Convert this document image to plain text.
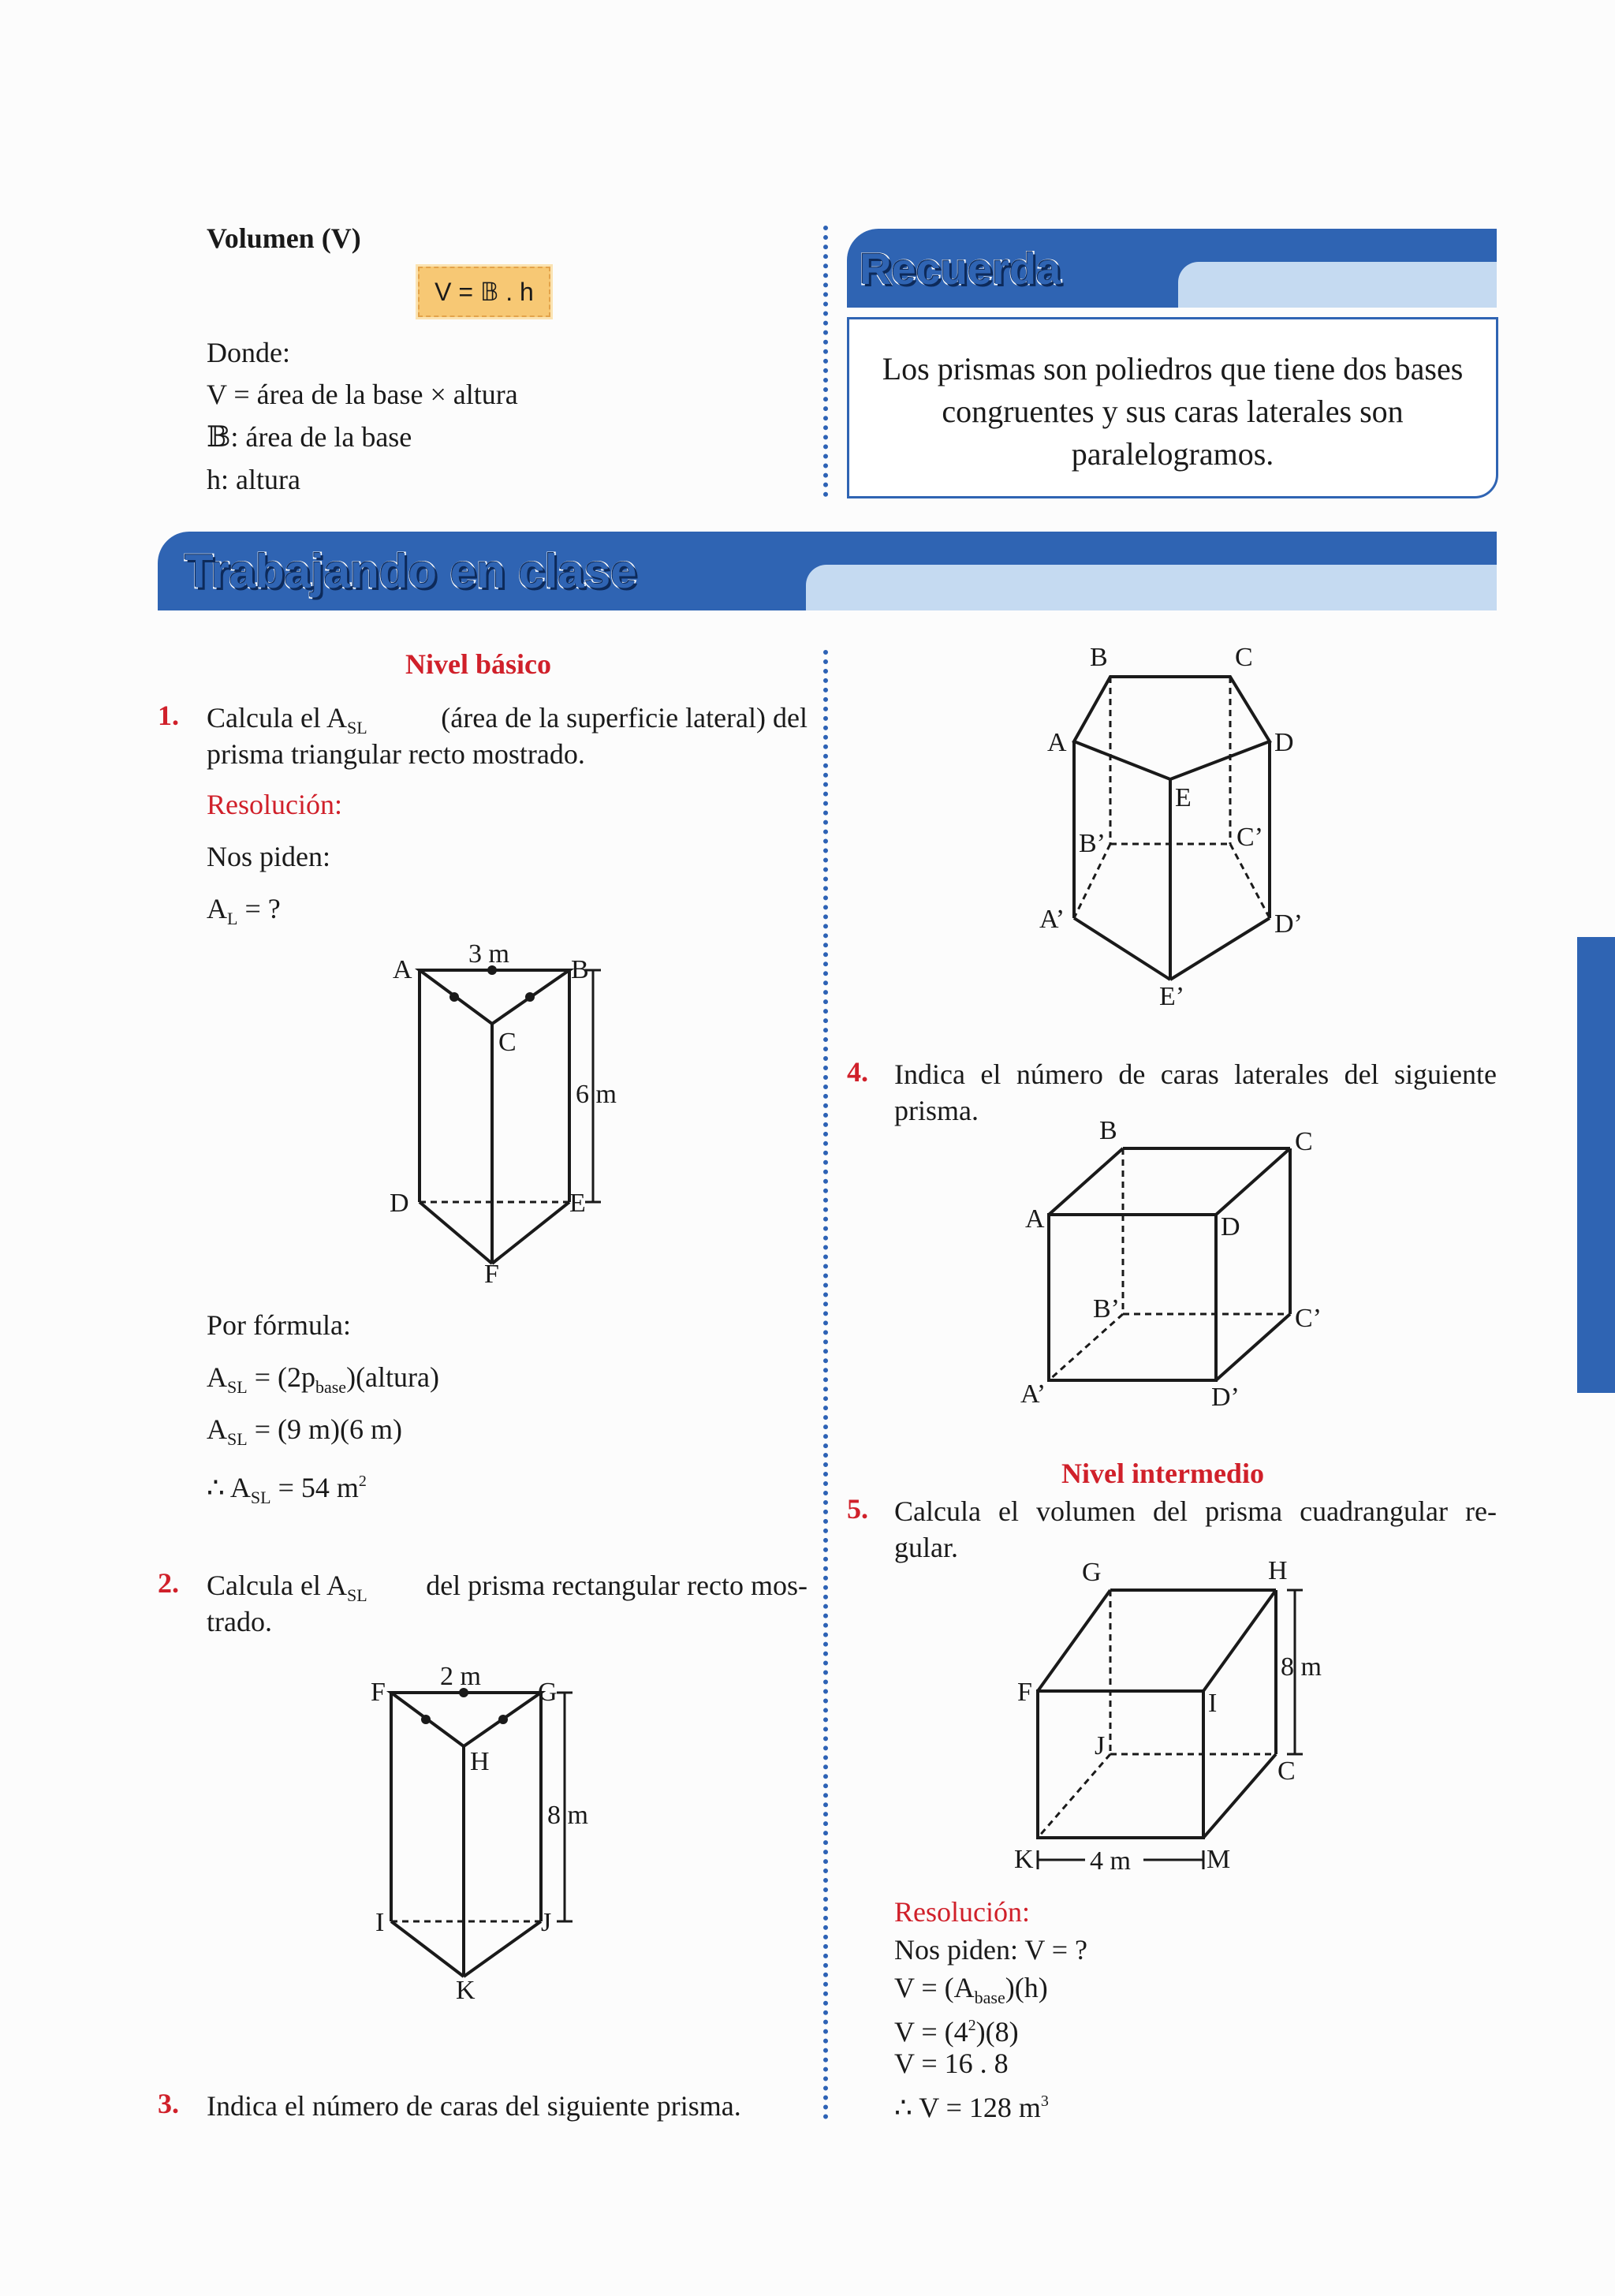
Volumen (V)
V = 𝔹 . h
Donde:
V = área de la base × altura
𝔹: área de la base
h: altura
Recuerda
Los prismas son poliedros que tiene dos bases congruentes y sus caras laterales son paralelogramos.
Trabajando en clase
Nivel básico
1. Calcula el $A_{SL}$	(área de la superficie lateral) del
prisma triangular recto mostrado.
Resolución:
Nos piden:
$A_L$ = ?
3 m
A	B
C
6 m
D	E
F
Por fórmula:
$A_{SL}$ = $(2p_{base})(altura)$
$A_{SL} = (9$ m)(6 m)
∴ $A_{SL} = 54$ $m^2$
2. Calcula el $A_{SL}$ del prisma rectangular recto mos-
trado.
2 m
F	G
H
8 m
I	J
K
3. Indica el número de caras del siguiente prisma.
B	C
A	D
E
B’	C’
A’	D’
E’
4. Indica el número de caras laterales del siguiente
prisma.
B	C
A	D
B’	C’
A’	D’
Nivel intermedio
5. Calcula el volumen del prisma cuadrangular re-
gular.
G	H
8 m
F	I
J
C
K 4 m	M
Resolución:
Nos piden: V = ?
$V = (A_{base})(h)$
$V = (4^2)(8)$
V = 16 . 8
∴ V = 128 $m^3$
